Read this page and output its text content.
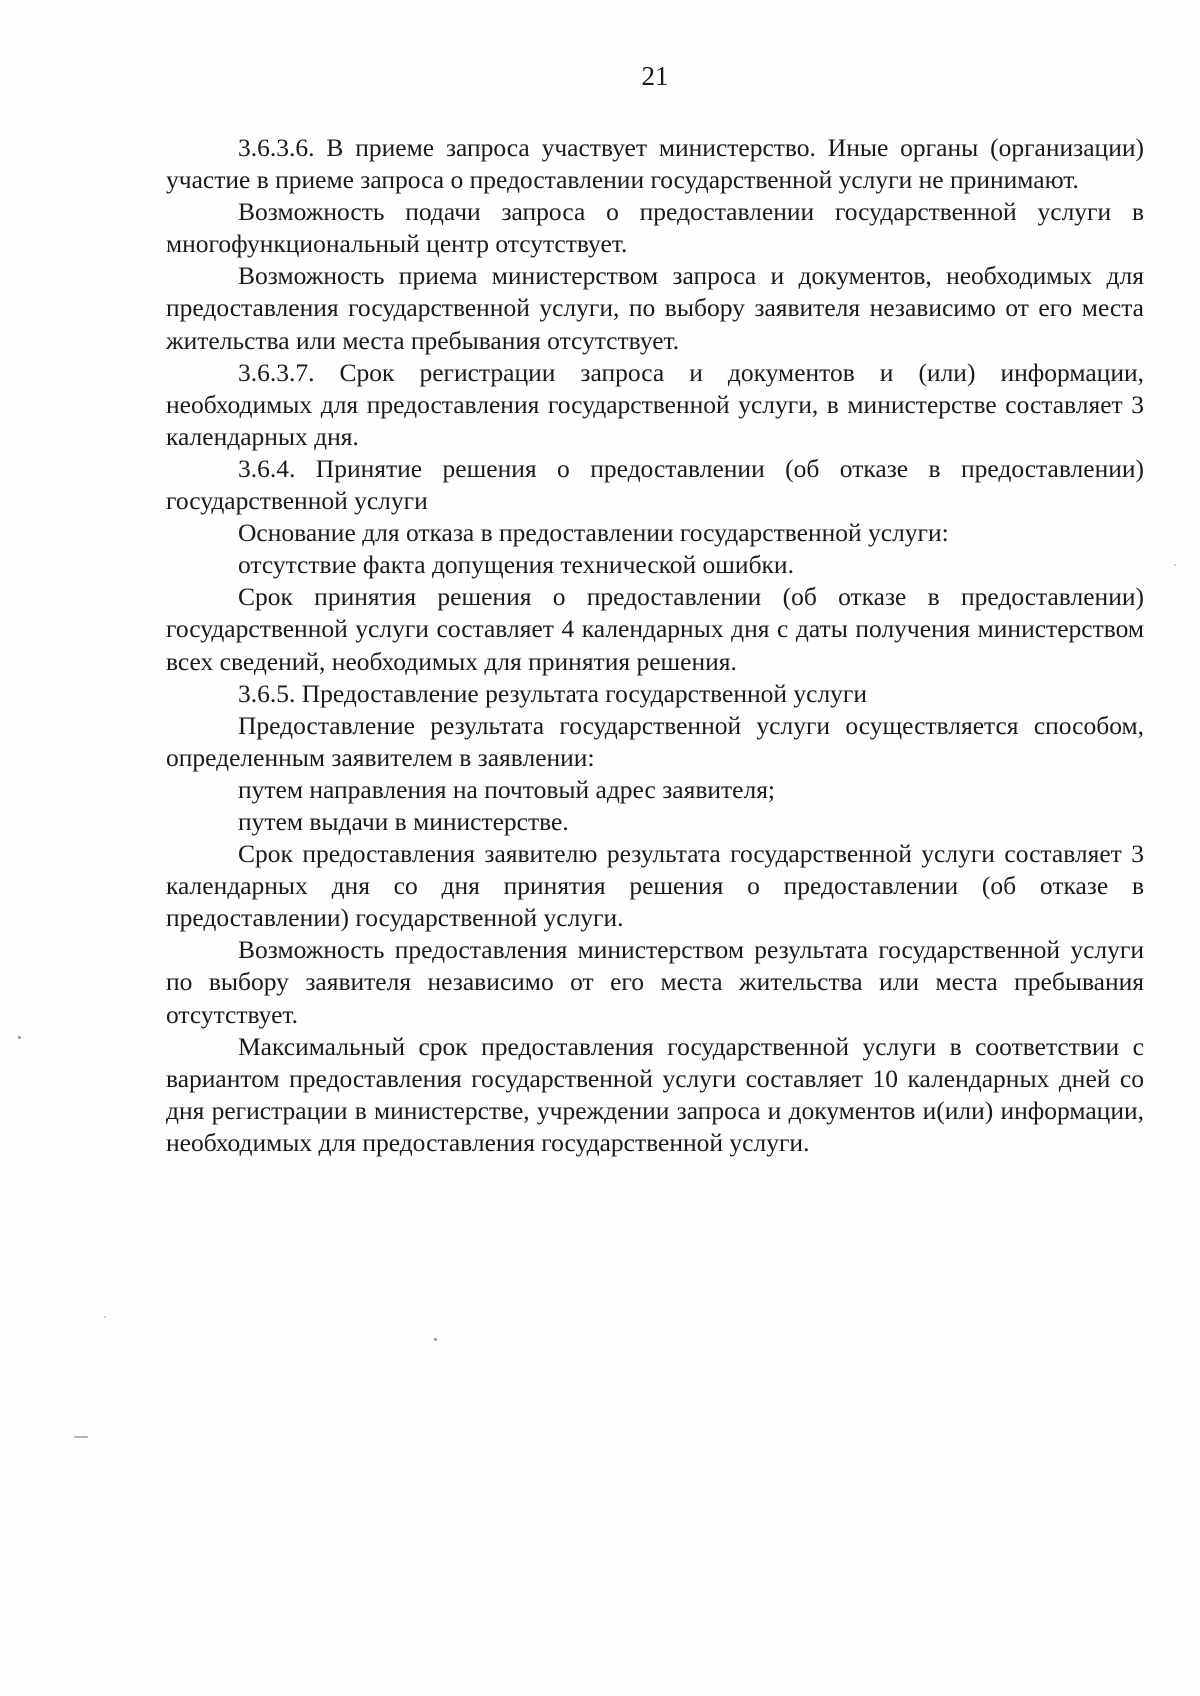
21

3.6.3.6. В приеме запроса участвует министерство. Иные органы (организации) участие в приеме запроса о предоставлении государственной услуги не принимают.

Возможность подачи запроса о предоставлении государственной услуги в многофункциональный центр отсутствует.

Возможность приема министерством запроса и документов, необходимых для предоставления государственной услуги, по выбору заявителя независимо от его места жительства или места пребывания отсутствует.

3.6.3.7. Срок регистрации запроса и документов и (или) информации, необходимых для предоставления государственной услуги, в министерстве составляет 3 календарных дня.

3.6.4. Принятие решения о предоставлении (об отказе в предоставлении) государственной услуги

Основание для отказа в предоставлении государственной услуги:

отсутствие факта допущения технической ошибки.

Срок принятия решения о предоставлении (об отказе в предоставлении) государственной услуги составляет 4 календарных дня с даты получения министерством всех сведений, необходимых для принятия решения.

3.6.5. Предоставление результата государственной услуги

Предоставление результата государственной услуги осуществляется способом, определенным заявителем в заявлении:

путем направления на почтовый адрес заявителя;

путем выдачи в министерстве.

Срок предоставления заявителю результата государственной услуги составляет 3 календарных дня со дня принятия решения о предоставлении (об отказе в предоставлении) государственной услуги.

Возможность предоставления министерством результата государственной услуги по выбору заявителя независимо от его места жительства или места пребывания отсутствует.

Максимальный срок предоставления государственной услуги в соответствии с вариантом предоставления государственной услуги составляет 10 календарных дней со дня регистрации в министерстве, учреждении запроса и документов и(или) информации, необходимых для предоставления государственной услуги.
